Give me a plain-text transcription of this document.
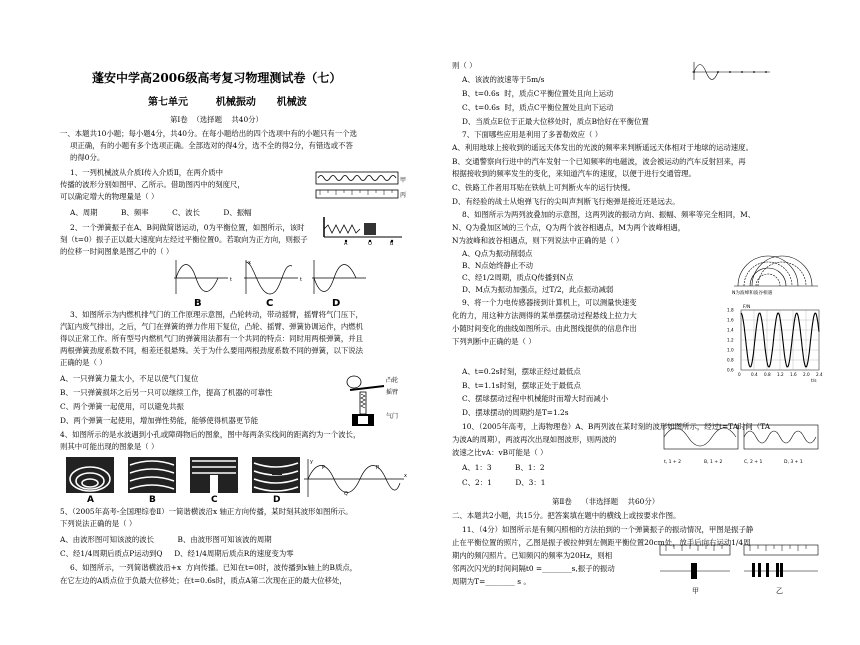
蓬安中学高2006级高考复习物理测试卷（七）
第七单元        机械振动      机械波
第Ⅰ卷  （选择题    共40分）
一、本题共10小题；每小题4分，共40分。在每小题给出的四个选项中有的小题只有一个选
项正确，有的小题有多个选项正确。全部选对的得4分，选不全的得2分，有错选或不答
的得0分。
1、一列机械波从介质Ⅰ传入介质Ⅱ，在两介质中
传播的波形分别如图甲、乙所示。借助图丙中的刻度尺，
可以确定增大的物理量是（ ）
A、周期          B、频率          C、波长          D、振幅
2、一个弹簧振子在A、B间做简谐运动，0为平衡位置，如图所示，该时
刻（t=0）振子正以最大速度向左经过平衡位置0。若取向为正方向，则振子
的位移一时间图象是图乙中的（ ）
3、如图所示为内燃机排气门的工作原理示意图，凸轮转动，带动摇臂，摇臂将气门压下，
汽缸内废气排出，之后，气门在弹簧的弹力作用下复位，凸轮、摇臂、弹簧协调运作，内燃机
得以正常工作。所有型号内燃机气门的弹簧用法都有一个共同的特点：同时用两根弹簧，并且
两根弹簧劲度系数不同，相差还很悬殊。关于为什么要用两根劲度系数不同的弹簧，以下说法
正确的是（ ）
A、一只弹簧力量太小，不足以使气门复位
B、一只弹簧损坏之后另一只可以继续工作，提高了机器的可靠性
C、两个弹簧一起使用，可以避免共振
D、两个弹簧一起使用，增加弹性势能，能够使得机器更节能
4、如图所示的是水波遇到小孔或障碍物后的图象，图中每两条实线间的距离约为一个波长，
则其中可能出现的图象是（ ）
5、（2005年高考-全国理综卷Ⅱ）一简谐横波沿x 轴正方向传播，某时刻其波形如图所示。
下列说法正确的是（ ）
A、由波形图可知该波的波长          B、由波形图可知该波的周期
C、经1/4周期后质点P运动到Q     D、经1/4周期后质点R的速度变为零
6、如图所示，一列简谐横波沿+x  方向传播。已知在t=0时，波传播到x轴上的B质点，
在它左边的A质点位于负最大位移处；在t=0.6s时，质点A第二次现在正的最大位移处，
甲
丙
A	O	B
t	t
x
B	C	D
凸轮
摇臂
气门
A	B	C	D
y
x
P
Q
R
则（ ）
A、该波的波速等于5m/s
B、t=0.6s  时，质点C平衡位置处且向上运动
C、t=0.6s  时，质点C平衡位置处且向下运动
D、当质点E位于正最大位移处时，质点B恰好在平衡位置
7、下面哪些应用是利用了多普勒效应（ ）
A、利用地球上接收到的遥远天体发出的光波的频率来判断遥远天体相对于地球的运动速度。
B、交通警察向行进中的汽车发射一个已知频率的电磁波，波会被运动的汽车反射回来，再
根据接收到的频率发生的变化，来知道汽车的速度，以便于进行交通管理。
C、铁路工作者用耳贴在铁轨上可判断火车的运行快慢。
D、有经验的战士从炮弹飞行的尖叫声判断飞行炮弹是接近还是远去。
8、如图所示为两列波叠加的示意图，这两列波的振动方向、振幅、频率等完全相同，M、
N、Q为叠加区域的三个点，Q为两个波谷相遇点，M为两个波峰相遇，
N为波峰和波谷相遇点，则下列说法中正确的是（ ）
A、Q点为振动削弱点
B、N点始终静止不动
C、经1/2周期，质点Q传播到N点
D、M点为振动加强点，过T/2，此点振动减弱
9、将一个力电传感器接到计算机上，可以测量快速变
化的力，用这种方法测得的某单摆摆动过程悬线上拉力大
小随时间变化的曲线如图所示。由此图线提供的信息作出
下列判断中正确的是（ ）
A、t=0.2s时刻，摆球正经过最低点
B、t=1.1s时刻，摆球正处于最低点
C、摆球摆动过程中机械能时而增大时而减小
D、摆球摆动的周期约是T=1.2s
10、（2005年高考，上海物理卷）A、B两列波在某时刻的波形如图所示，经过t=TA时间（TA
为波A的周期），两波再次出现如图波形，则两波的
波速之比vA：vB可能是（ ）
A、1：3          B、1：2
C、2：1          D、3：1
第Ⅱ卷    （非选择题    共60分）
二、本题共2小题，共15分。把答案填在题中的横线上或按要求作图。
11、（4分）如图所示是有频闪照相的方法拍到的一个弹簧振子的振动情况，甲图是振子静
止在平衡位置的照片，乙图是振子被拉伸到左侧距平衡位置20cm处，放手后向右运动1/4周
期内的频闪照片。已知频闪的频率为20Hz，则相
邻两次闪光的时间间隔t0 =________s,振子的振动
周期为T=________ s 。
N为波峰和波谷相遇
1.8
1.6
1.4
1.2
1.0
0.8
0.6
0 0.4 0.8 1.2 1.6 2.0 2.4
F/N
t/s
t, 1 + 2	B, 1 + 2	C, 2 + 1	D, 3 + 1
甲	乙
